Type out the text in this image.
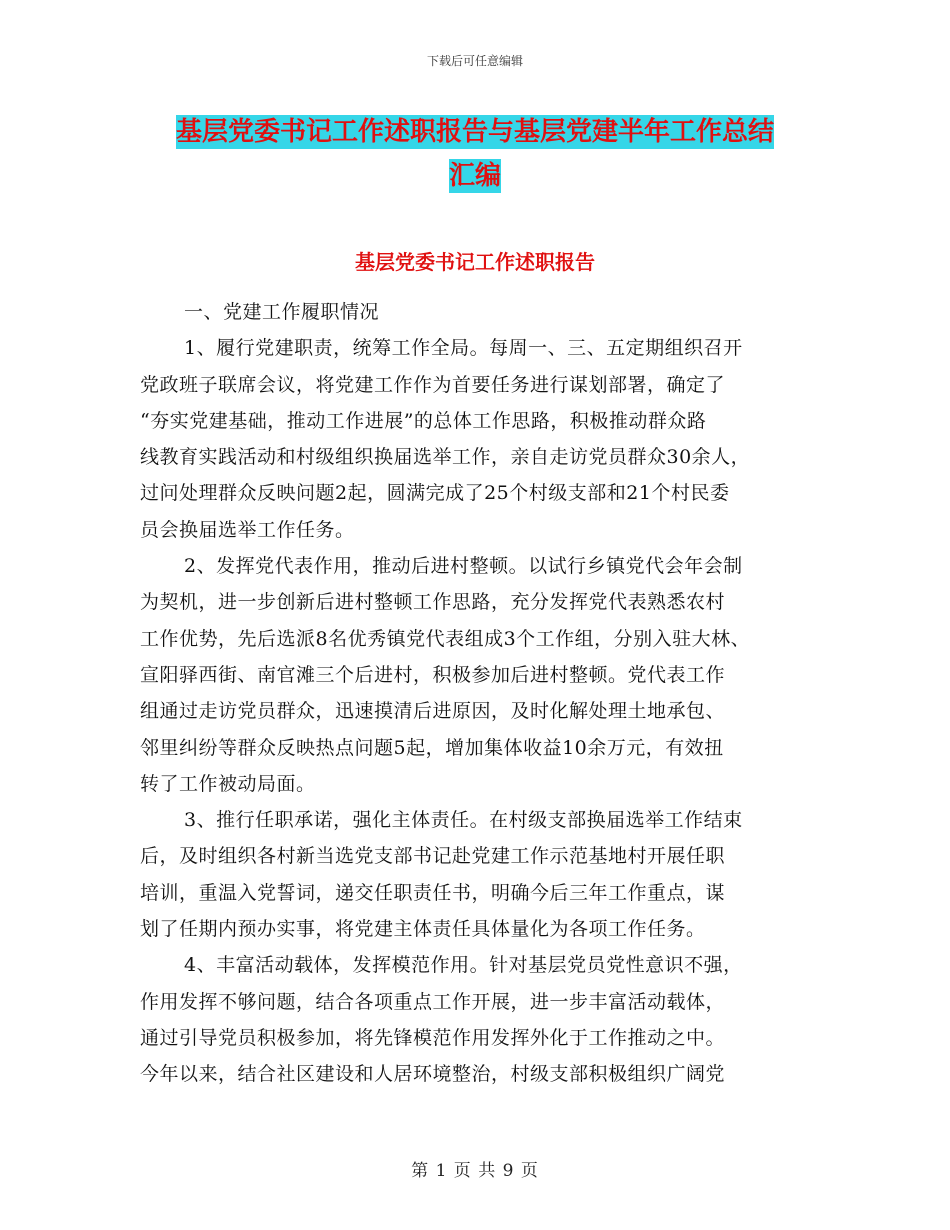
下载后可任意编辑
基层党委书记工作述职报告与基层党建半年工作总结
汇编
基层党委书记工作述职报告
一、党建工作履职情况
1、履行党建职责，统筹工作全局。每周一、三、五定期组织召开
党政班子联席会议，将党建工作作为首要任务进行谋划部署，确定了
“夯实党建基础，推动工作进展”的总体工作思路，积极推动群众路
线教育实践活动和村级组织换届选举工作，亲自走访党员群众30余人，
过问处理群众反映问题2起，圆满完成了25个村级支部和21个村民委
员会换届选举工作任务。
2、发挥党代表作用，推动后进村整顿。以试行乡镇党代会年会制
为契机，进一步创新后进村整顿工作思路，充分发挥党代表熟悉农村
工作优势，先后选派8名优秀镇党代表组成3个工作组，分别入驻大林、
宣阳驿西街、南官滩三个后进村，积极参加后进村整顿。党代表工作
组通过走访党员群众，迅速摸清后进原因，及时化解处理土地承包、
邻里纠纷等群众反映热点问题5起，增加集体收益10余万元，有效扭
转了工作被动局面。
3、推行任职承诺，强化主体责任。在村级支部换届选举工作结束
后，及时组织各村新当选党支部书记赴党建工作示范基地村开展任职
培训，重温入党誓词，递交任职责任书，明确今后三年工作重点，谋
划了任期内预办实事，将党建主体责任具体量化为各项工作任务。
4、丰富活动载体，发挥模范作用。针对基层党员党性意识不强，
作用发挥不够问题，结合各项重点工作开展，进一步丰富活动载体，
通过引导党员积极参加，将先锋模范作用发挥外化于工作推动之中。
今年以来，结合社区建设和人居环境整治，村级支部积极组织广阔党
第 1 页 共 9 页
